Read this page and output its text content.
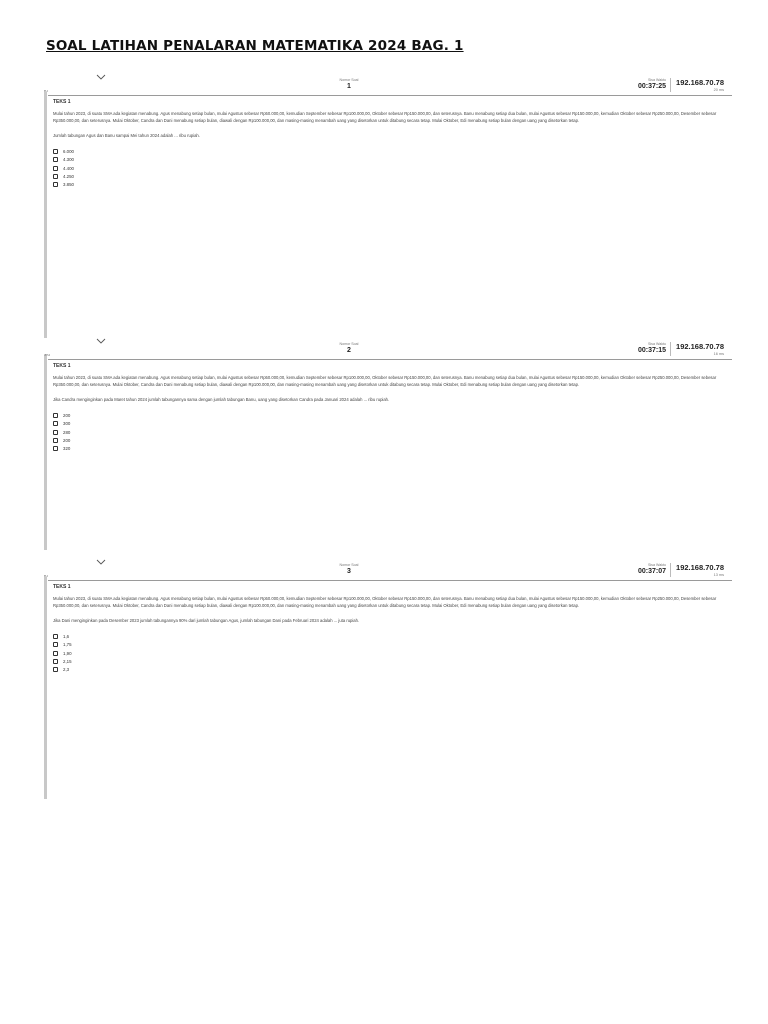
SOAL LATIHAN PENALARAN MATEMATIKA 2024 BAG. 1
ru
Nomor Soal
1
Sisa Waktu
00:37:25 192.168.70.78
20 ms
TEKS 1

Mulai tahun 2023, di suatu SMA ada kegiatan menabung. Agus menabung setiap bulan, mulai Agustus sebesar Rp50.000,00, kemudian September sebesar Rp100.000,00, Oktober sebesar Rp150.000,00, dan seterusnya. Banu menabung setiap dua bulan, mulai Agustus sebesar Rp150.000,00, kemudian Oktober sebesar Rp250.000,00, Desember sebesar Rp350.000,00, dan seterusnya. Mulai Oktober, Candra dan Dani menabung setiap bulan, diawali dengan Rp100.000,00, dan masing-masing menambah uang yang disetorkan untuk ditabung secara tetap. Mulai Oktober, Edi menabung setiap bulan dengan uang yang disetorkan tetap.

Jumlah tabungan Agus dan Banu sampai Mei tahun 2024 adalah ... ribu rupiah.

6.000
4.300
4.400
4.250
3.850
aru
Nomor Soal
2
Sisa Waktu
00:37:15 192.168.70.78
16 ms
TEKS 1

Mulai tahun 2023, di suatu SMA ada kegiatan menabung. Agus menabung setiap bulan, mulai Agustus sebesar Rp50.000,00, kemudian September sebesar Rp100.000,00, Oktober sebesar Rp150.000,00, dan seterusnya. Banu menabung setiap dua bulan, mulai Agustus sebesar Rp150.000,00, kemudian Oktober sebesar Rp250.000,00, Desember sebesar Rp350.000,00, dan seterusnya. Mulai Oktober, Candra dan Dani menabung setiap bulan, diawali dengan Rp100.000,00, dan masing-masing menambah uang yang disetorkan untuk ditabung secara tetap. Mulai Oktober, Edi menabung setiap bulan dengan uang yang disetorkan tetap.

Jika Candra menginginkan pada Maret tahun 2024 jumlah tabungannya sama dengan jumlah tabungan Banu, uang yang disetorkan Candra pada Januari 2024 adalah ... ribu rupiah.

200
300
280
200
320
ru
Nomor Soal
3
Sisa Waktu
00:37:07 192.168.70.78
13 ms
TEKS 1

Mulai tahun 2023, di suatu SMA ada kegiatan menabung. Agus menabung setiap bulan, mulai Agustus sebesar Rp50.000,00, kemudian September sebesar Rp100.000,00, Oktober sebesar Rp150.000,00, dan seterusnya. Banu menabung setiap dua bulan, mulai Agustus sebesar Rp150.000,00, kemudian Oktober sebesar Rp250.000,00, Desember sebesar Rp350.000,00, dan seterusnya. Mulai Oktober, Candra dan Dani menabung setiap bulan, diawali dengan Rp100.000,00, dan masing-masing menambah uang yang disetorkan untuk ditabung secara tetap. Mulai Oktober, Edi menabung setiap bulan dengan uang yang disetorkan tetap.

Jika Dani menginginkan pada Desember 2023 jumlah tabungannya 90% dari jumlah tabungan Agus, jumlah tabungan Dani pada Februari 2024 adalah ... juta rupiah.

1,6
1,75
1,90
2,15
2,3
